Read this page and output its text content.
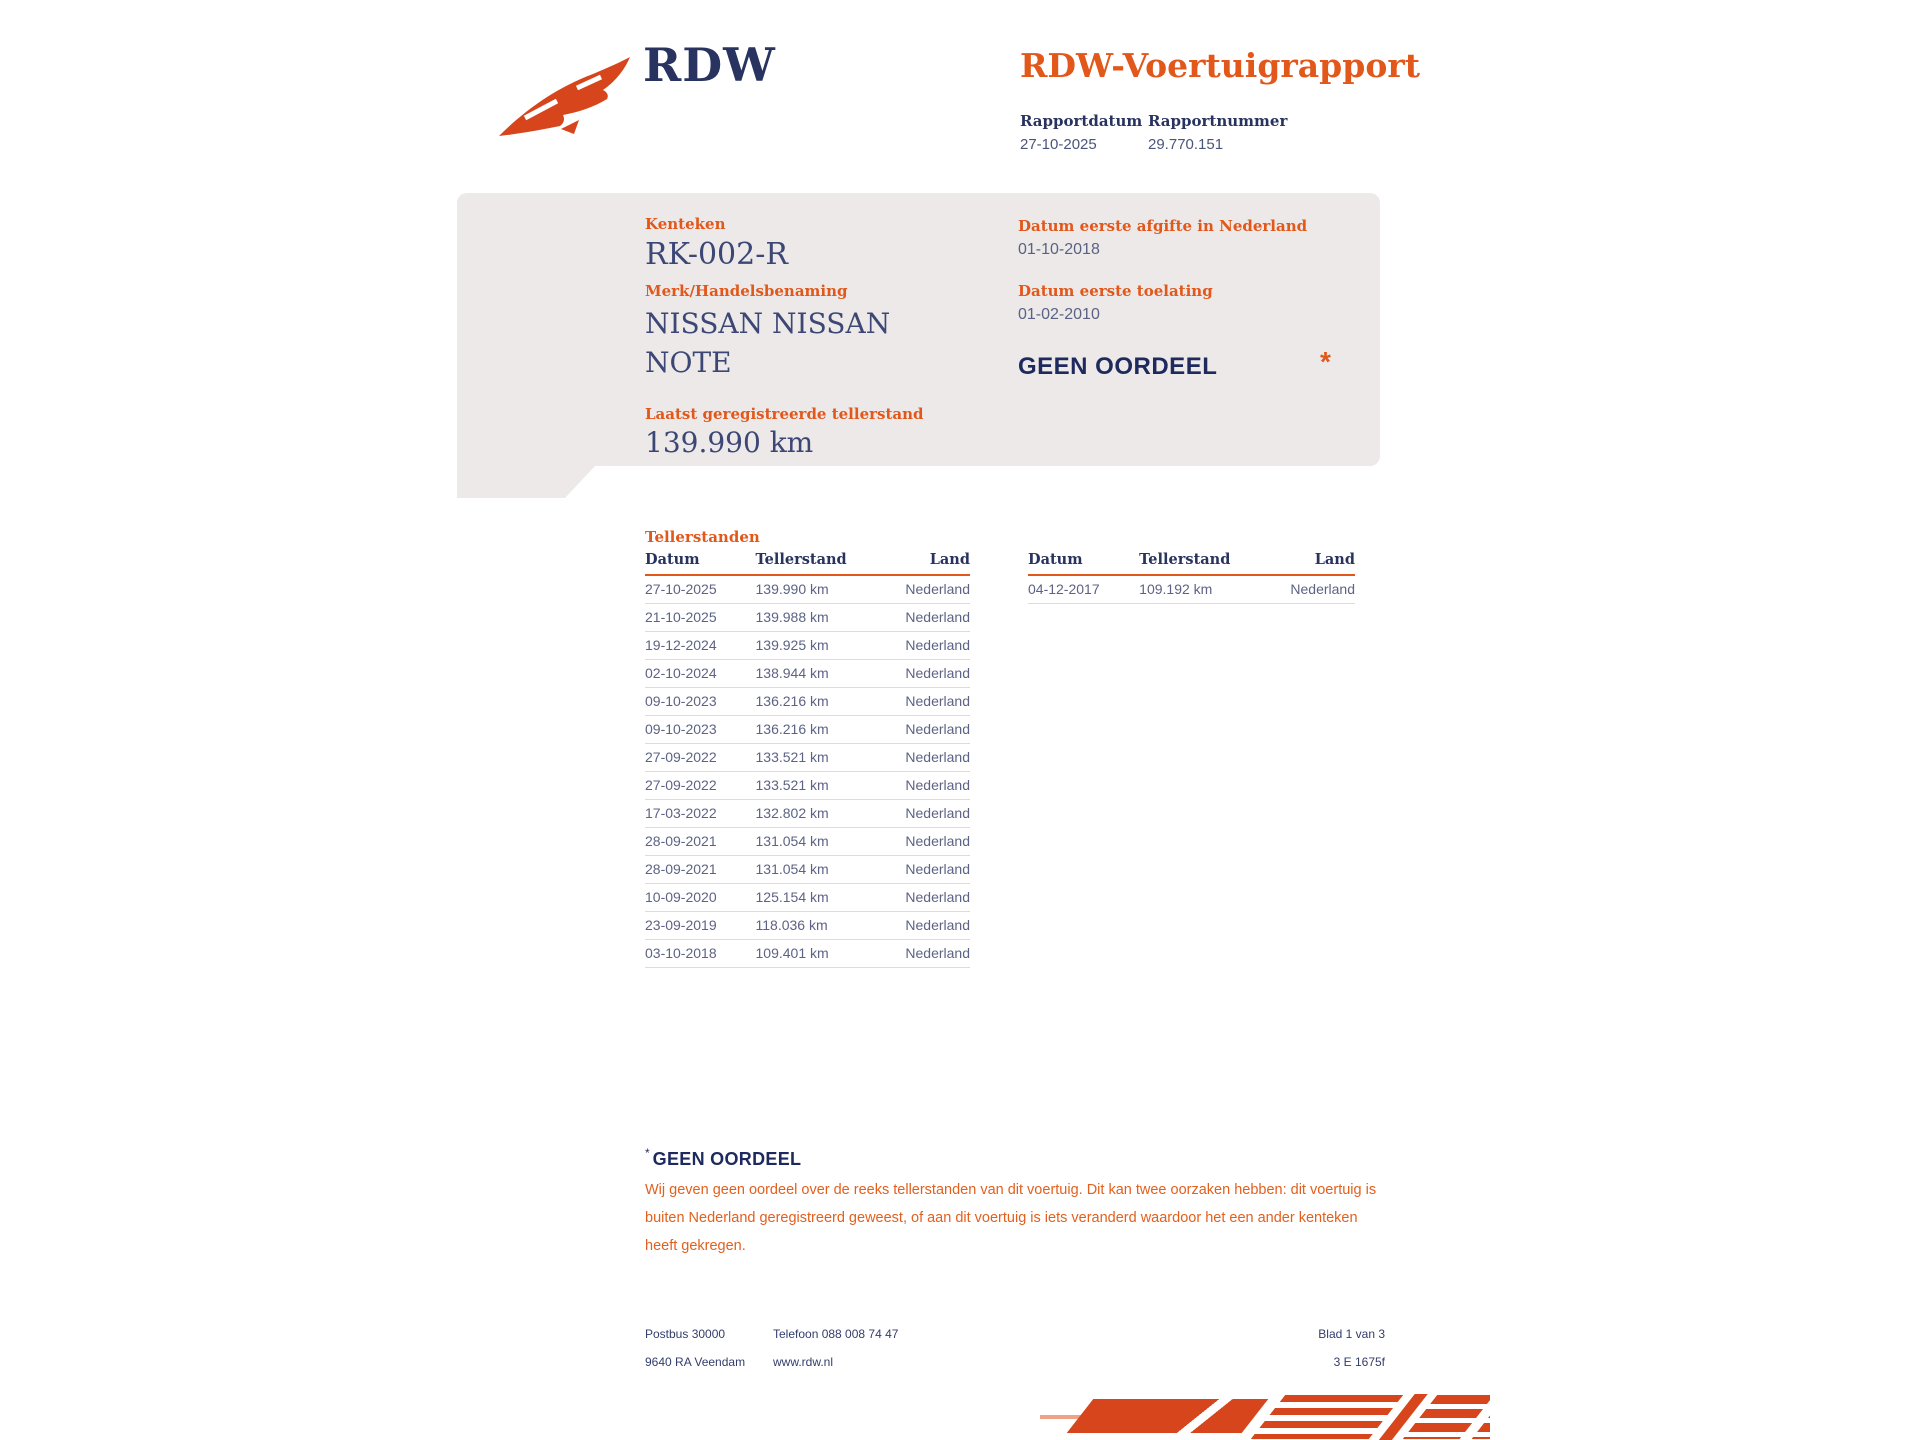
RDW	RDW-Voertuigrapport
Rapportdatum
27-10-2025
Rapportnummer
29.770.151
Kenteken
RK-002-R
Merk/Handelsbenaming
NISSAN NISSAN NOTE
Laatst geregistreerde tellerstand
139.990 km
Datum eerste afgifte in Nederland
01-10-2018
Datum eerste toelating
01-02-2010
GEEN OORDEEL	*
Tellerstanden
Datum	Tellerstand	Land
27-10-2025	139.990 km	Nederland
21-10-2025	139.988 km	Nederland
19-12-2024	139.925 km	Nederland
02-10-2024	138.944 km	Nederland
09-10-2023	136.216 km	Nederland
09-10-2023	136.216 km	Nederland
27-09-2022	133.521 km	Nederland
27-09-2022	133.521 km	Nederland
17-03-2022	132.802 km	Nederland
28-09-2021	131.054 km	Nederland
28-09-2021	131.054 km	Nederland
10-09-2020	125.154 km	Nederland
23-09-2019	118.036 km	Nederland
03-10-2018	109.401 km	Nederland
Datum	Tellerstand	Land
04-12-2017	109.192 km	Nederland
* GEEN OORDEEL
Wij geven geen oordeel over de reeks tellerstanden van dit voertuig. Dit kan twee oorzaken hebben: dit voertuig is buiten Nederland geregistreerd geweest, of aan dit voertuig is iets veranderd waardoor het een ander kenteken heeft gekregen.
Postbus 30000
9640 RA Veendam
Telefoon 088 008 74 47
www.rdw.nl
Blad 1 van 3
3 E 1675f
